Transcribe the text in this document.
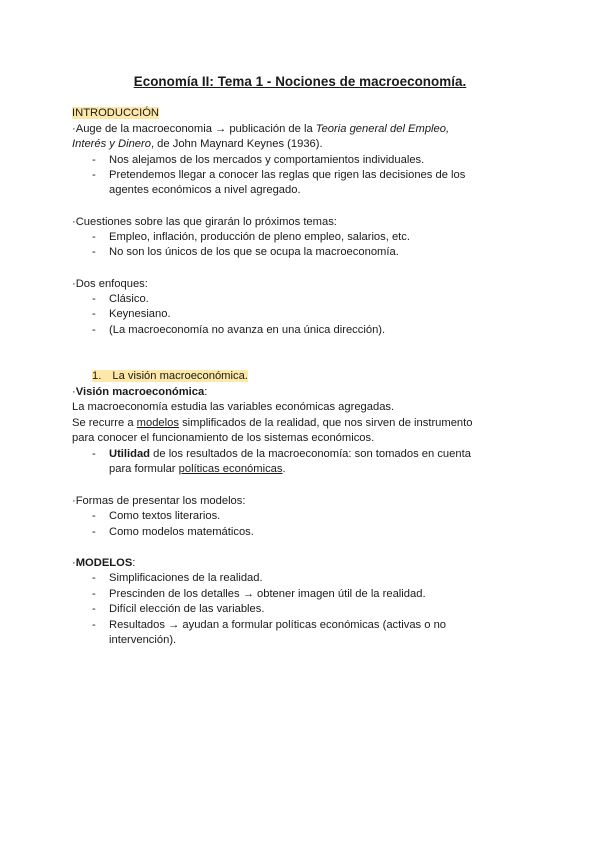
Economía II: Tema 1 - Nociones de macroeconomía.
INTRODUCCIÓN
·Auge de la macroeconomia → publicación de la Teoria general del Empleo,
Interés y Dinero, de John Maynard Keynes (1936).
- Nos alejamos de los mercados y comportamientos individuales.
- Pretendemos llegar a conocer las reglas que rigen las decisiones de los
agentes económicos a nivel agregado.
·Cuestiones sobre las que girarán lo próximos temas:
- Empleo, inflación, producción de pleno empleo, salarios, etc.
- No son los únicos de los que se ocupa la macroeconomía.
·Dos enfoques:
- Clásico.
- Keynesiano.
- (La macroeconomía no avanza en una única dirección).
1. La visión macroeconómica.
·Visión macroeconómica:
La macroeconomía estudia las variables económicas agregadas.
Se recurre a modelos simplificados de la realidad, que nos sirven de instrumento
para conocer el funcionamiento de los sistemas económicos.
- Utilidad de los resultados de la macroeconomía: son tomados en cuenta
para formular políticas económicas.
·Formas de presentar los modelos:
- Como textos literarios.
- Como modelos matemáticos.
·MODELOS:
- Simplificaciones de la realidad.
- Prescinden de los detalles → obtener imagen útil de la realidad.
- Difícil elección de las variables.
- Resultados → ayudan a formular políticas económicas (activas o no
intervención).
